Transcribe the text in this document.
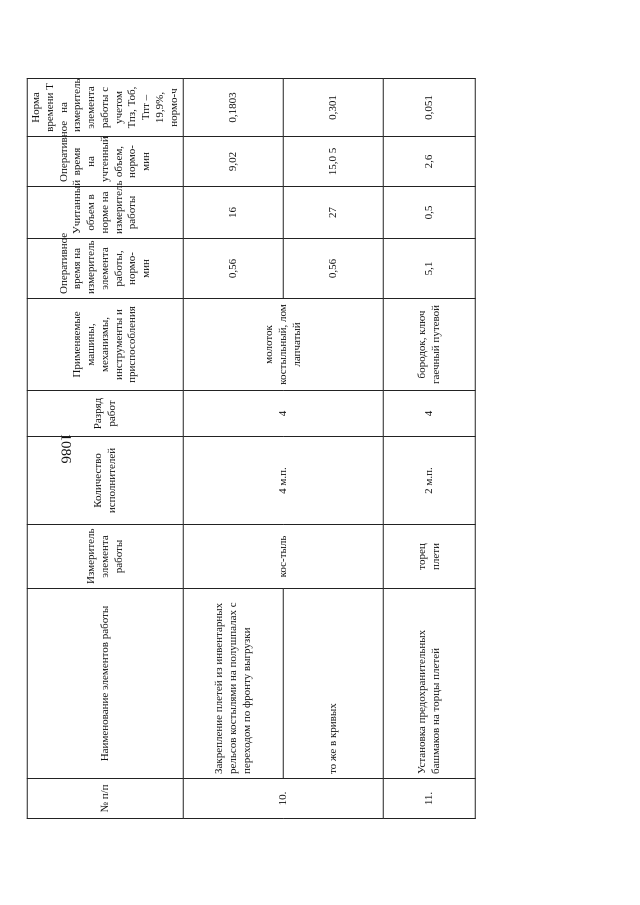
1086
№ п/п	Наименование элементов работы	Измеритель элемента работы	Количество исполнителей	Разряд работ	Применяемые машины, механизмы, инструменты и приспособления	Оперативное время на измеритель элемента работы, нормо-мин	Учитанный объем в норме на измеритель работы	Оперативное время на учтенный объем, нормо-мин	Норма времени Т на измеритель элемента работы с учетом Тпз, Тоб, Тпт – 19,9%, нормо-ч
10.	Закрепление плетей из инвентарных рельсов костылями на полушпалах с переходом по фронту выгрузки	кос-тыль	4 м.п.	4	молоток костыльный, лом лапчатый	0,56	16	9,02	0,1803
	то же в кривых					0,56	27	15,0 5	0,301
11.	Установка предохранительных башмаков на торцы плетей	торец плети	2 м.п.	4	бородок, ключ гаечный путевой	5,1	0,5	2,6	0,051
